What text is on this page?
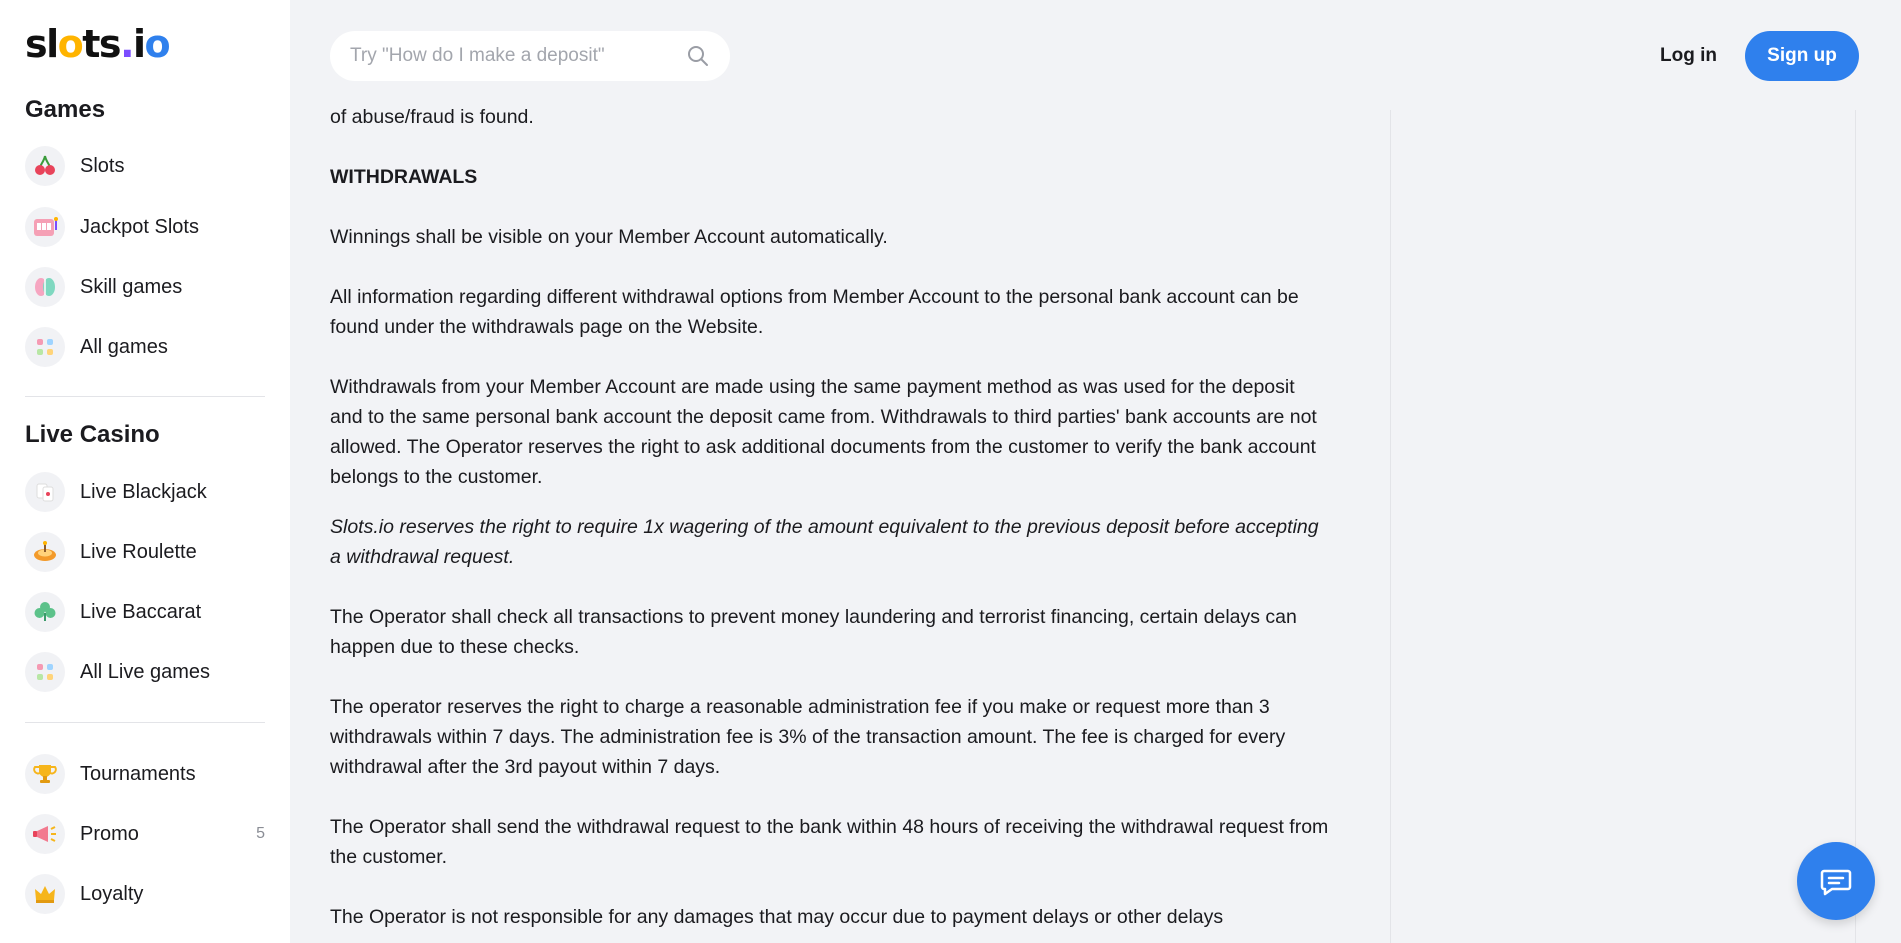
slots.io
Games
Slots
Jackpot Slots
Skill games
All games
Live Casino
Live Blackjack
Live Roulette
Live Baccarat
All Live games
Tournaments
Promo	5
Loyalty
Try "How do I make a deposit"
Log in	Sign up

of abuse/fraud is found.

WITHDRAWALS

Winnings shall be visible on your Member Account automatically.

All information regarding different withdrawal options from Member Account to the personal bank account can be found under the withdrawals page on the Website.

Withdrawals from your Member Account are made using the same payment method as was used for the deposit and to the same personal bank account the deposit came from. Withdrawals to third parties' bank accounts are not allowed. The Operator reserves the right to ask additional documents from the customer to verify the bank account belongs to the customer.

Slots.io reserves the right to require 1x wagering of the amount equivalent to the previous deposit before accepting a withdrawal request.

The Operator shall check all transactions to prevent money laundering and terrorist financing, certain delays can happen due to these checks.

The operator reserves the right to charge a reasonable administration fee if you make or request more than 3 withdrawals within 7 days. The administration fee is 3% of the transaction amount. The fee is charged for every withdrawal after the 3rd payout within 7 days.

The Operator shall send the withdrawal request to the bank within 48 hours of receiving the withdrawal request from the customer.

The Operator is not responsible for any damages that may occur due to payment delays or other delays
